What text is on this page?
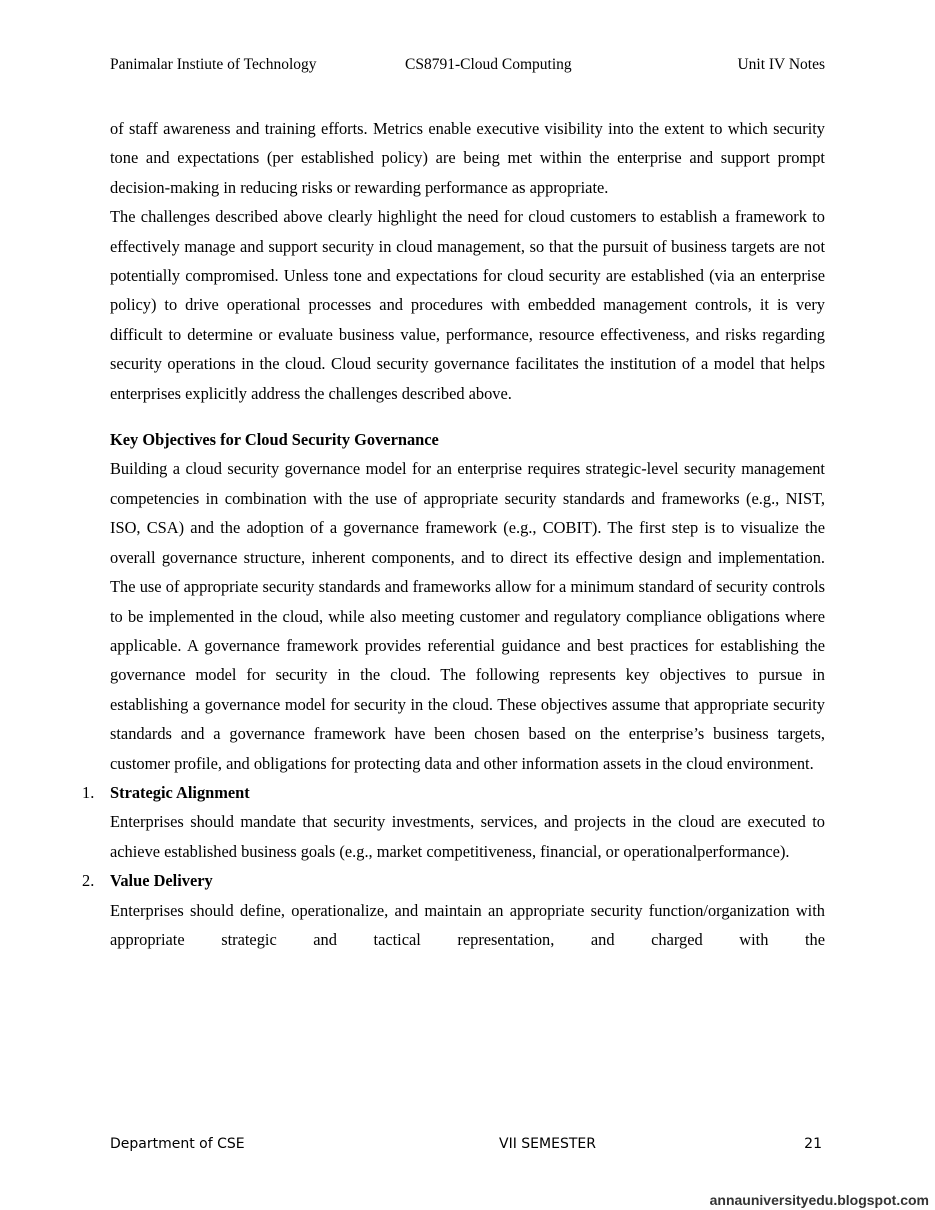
Panimalar Instiute of Technology	CS8791-Cloud Computing	Unit IV Notes

of staff awareness and training efforts. Metrics enable executive visibility into the extent to which security tone and expectations (per established policy) are being met within the enterprise and support prompt decision-making in reducing risks or rewarding performance as appropriate.

The challenges described above clearly highlight the need for cloud customers to establish a framework to effectively manage and support security in cloud management, so that the pursuit of business targets are not potentially compromised. Unless tone and expectations for cloud security are established (via an enterprise policy) to drive operational processes and procedures with embedded management controls, it is very difficult to determine or evaluate business value, performance, resource effectiveness, and risks regarding security operations in the cloud. Cloud security governance facilitates the institution of a model that helps enterprises explicitly address the challenges described above.

Key Objectives for Cloud Security Governance

Building a cloud security governance model for an enterprise requires strategic-level security management competencies in combination with the use of appropriate security standards and frameworks (e.g., NIST, ISO, CSA) and the adoption of a governance framework (e.g., COBIT). The first step is to visualize the overall governance structure, inherent components, and to direct its effective design and implementation. The use of appropriate security standards and frameworks allow for a minimum standard of security controls to be implemented in the cloud, while also meeting customer and regulatory compliance obligations where applicable. A governance framework provides referential guidance and best practices for establishing the governance model for security in the cloud. The following represents key objectives to pursue in establishing a governance model for security in the cloud. These objectives assume that appropriate security standards and a governance framework have been chosen based on the enterprise’s business targets, customer profile, and obligations for protecting data and other information assets in the cloud environment.

1. Strategic Alignment

Enterprises should mandate that security investments, services, and projects in the cloud are executed to achieve established business goals (e.g., market competitiveness, financial, or operationalperformance).

2. Value Delivery

Enterprises should define, operationalize, and maintain an appropriate security function/organization with appropriate strategic and tactical representation, and charged with the

Department of CSE	VII SEMESTER	21
annauniversityedu.blogspot.com
